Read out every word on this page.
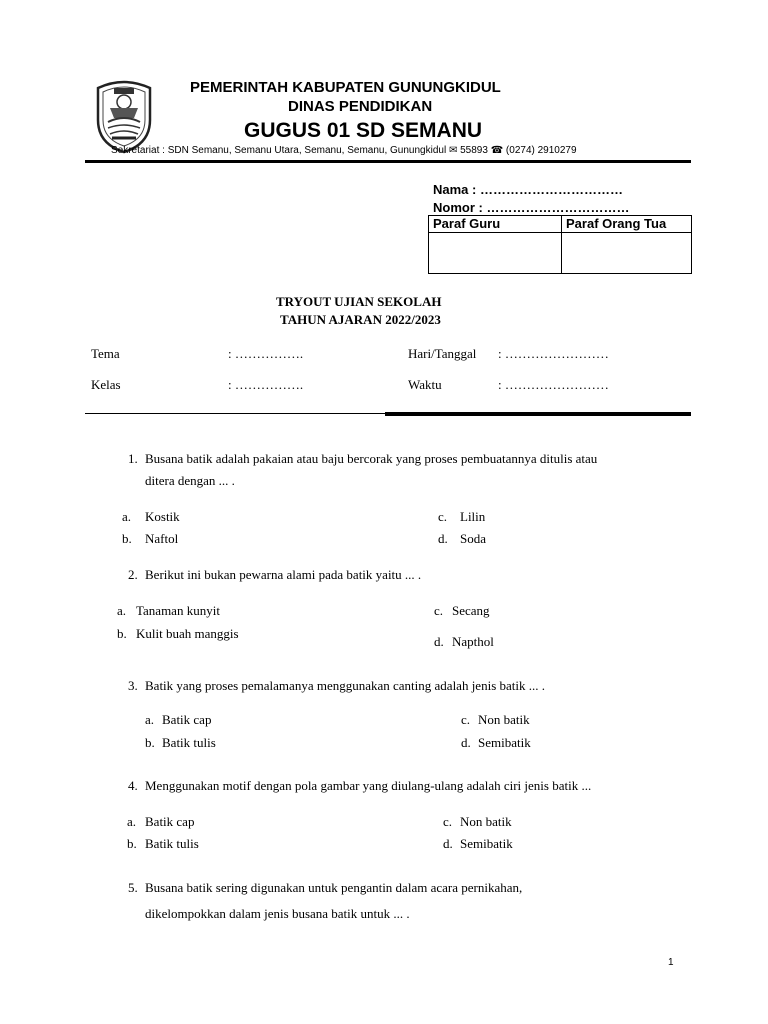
PEMERINTAH KABUPATEN GUNUNGKIDUL
DINAS PENDIDIKAN
GUGUS 01 SD SEMANU
Sekretariat : SDN Semanu, Semanu Utara, Semanu, Semanu, Gunungkidul ✉ 55893 ☎ (0274) 2910279
Nama : ……………………………
Nomor : ……………………………
Paraf Guru	Paraf Orang Tua

TRYOUT UJIAN SEKOLAH
TAHUN AJARAN 2022/2023
Tema	: …………….	Hari/Tanggal : ……………………
Kelas	: …………….	Waktu	: ……………………
1. Busana batik adalah pakaian atau baju bercorak yang proses pembuatannya ditulis atau
ditera dengan ... .
a. Kostik
b. Naftol
c. Lilin
d. Soda
2. Berikut ini bukan pewarna alami pada batik yaitu ... .
a. Tanaman kunyit
b. Kulit buah manggis
c. Secang
d. Napthol
3. Batik yang proses pemalamanya menggunakan canting adalah jenis batik ... .
a. Batik cap
b. Batik tulis
c. Non batik
d. Semibatik
4. Menggunakan motif dengan pola gambar yang diulang-ulang adalah ciri jenis batik ...
a. Batik cap
b. Batik tulis
c. Non batik
d. Semibatik
5. Busana batik sering digunakan untuk pengantin dalam acara pernikahan,
dikelompokkan dalam jenis busana batik untuk ... .
1
